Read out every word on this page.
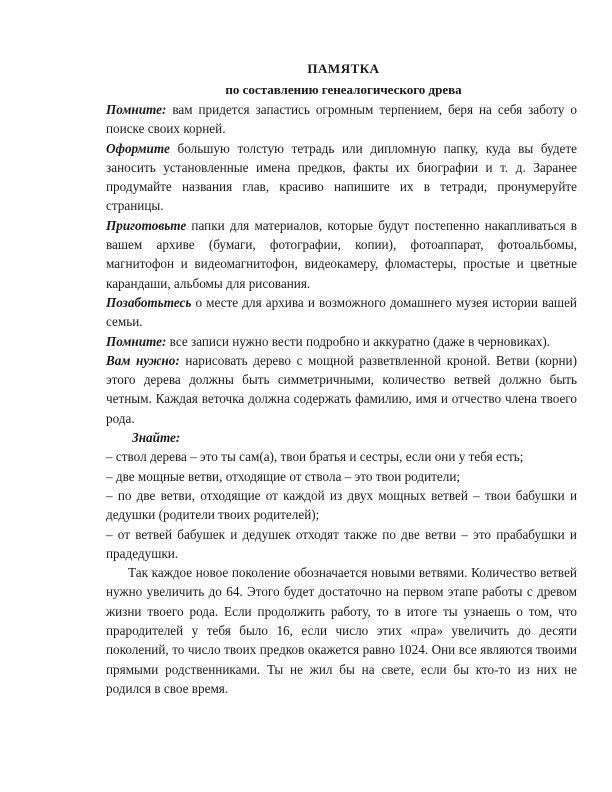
ПАМЯТКА

по составлению генеалогического древа

Помните: вам придется запастись огромным терпением, беря на себя заботу о поиске своих корней.

Оформите большую толстую тетрадь или дипломную папку, куда вы будете заносить установленные имена предков, факты их биографии и т. д. Заранее продумайте названия глав, красиво напишите их в тетради, пронумеруйте страницы.

Приготовьте папки для материалов, которые будут постепенно накапливаться в вашем архиве (бумаги, фотографии, копии), фотоаппарат, фотоальбомы, магнитофон и видеомагнитофон, видеокамеру, фломастеры, простые и цветные карандаши, альбомы для рисования.

Позаботьтесь о месте для архива и возможного домашнего музея истории вашей семьи.

Помните: все записи нужно вести подробно и аккуратно (даже в черновиках).

Вам нужно: нарисовать дерево с мощной разветвленной кроной. Ветви (корни) этого дерева должны быть симметричными, количество ветвей должно быть четным. Каждая веточка должна содержать фамилию, имя и отчество члена твоего рода.

Знайте:

– ствол дерева – это ты сам(а), твои братья и сестры, если они у тебя есть;

– две мощные ветви, отходящие от ствола – это твои родители;

– по две ветви, отходящие от каждой из двух мощных ветвей – твои бабушки и дедушки (родители твоих родителей);

– от ветвей бабушек и дедушек отходят также по две ветви – это прабабушки и прадедушки.

Так каждое новое поколение обозначается новыми ветвями. Количество ветвей нужно увеличить до 64. Этого будет достаточно на первом этапе работы с древом жизни твоего рода. Если продолжить работу, то в итоге ты узнаешь о том, что прародителей у тебя было 16, если число этих «пра» увеличить до десяти поколений, то число твоих предков окажется равно 1024. Они все являются твоими прямыми родственниками. Ты не жил бы на свете, если бы кто-то из них не родился в свое время.
